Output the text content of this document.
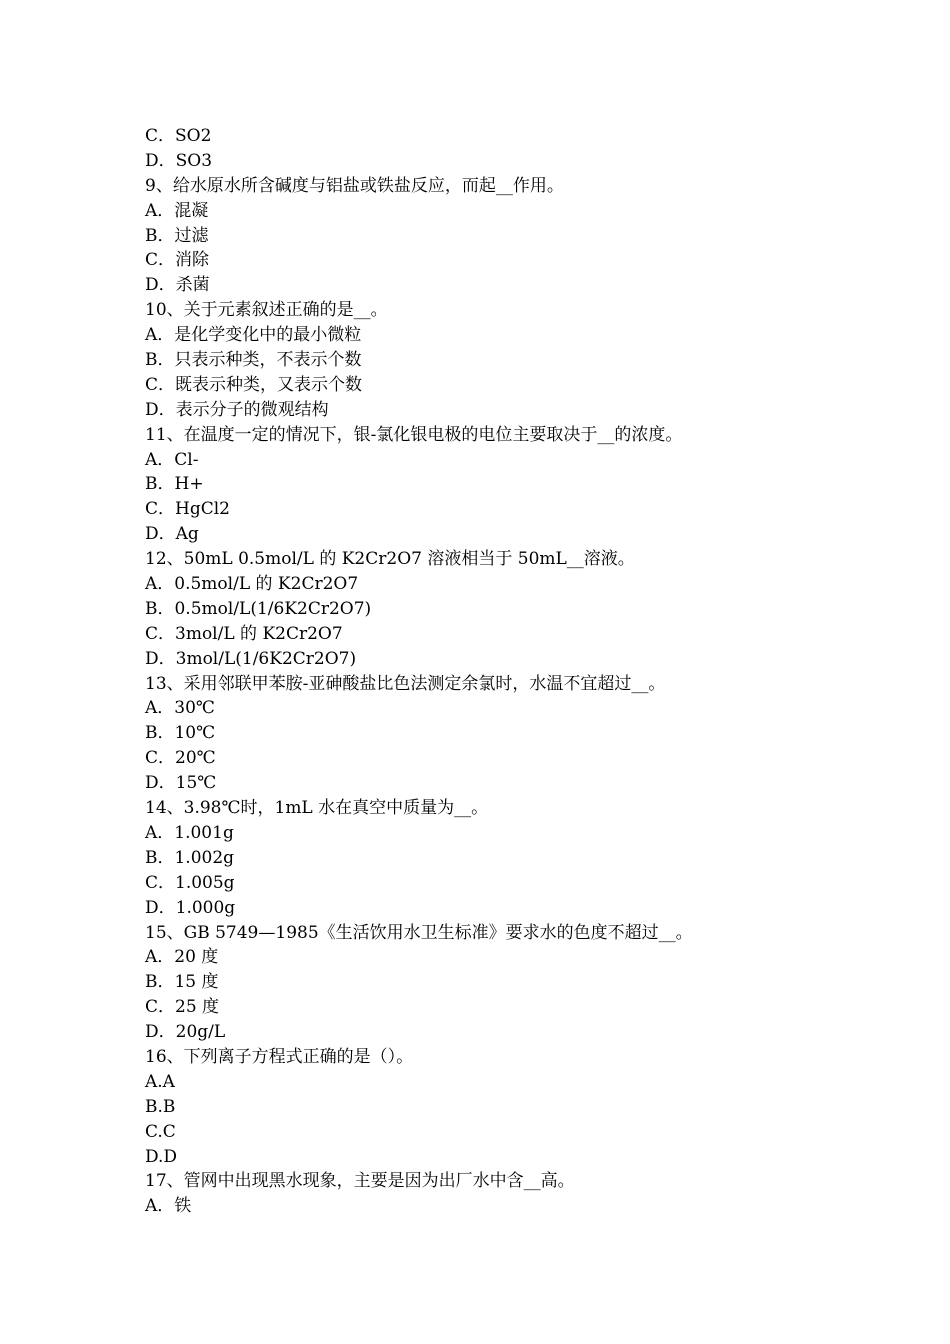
C．SO2
D．SO3
9、给水原水所含碱度与铝盐或铁盐反应，而起__作用。
A．混凝
B．过滤
C．消除
D．杀菌
10、关于元素叙述正确的是__。
A．是化学变化中的最小微粒
B．只表示种类，不表示个数
C．既表示种类，又表示个数
D．表示分子的微观结构
11、在温度一定的情况下，银-氯化银电极的电位主要取决于__的浓度。
A．Cl-
B．H+
C．HgCl2
D．Ag
12、50mL 0.5mol/L 的 K2Cr2O7 溶液相当于 50mL__溶液。
A．0.5mol/L 的 K2Cr2O7
B．0.5mol/L(1/6K2Cr2O7)
C．3mol/L 的 K2Cr2O7
D．3mol/L(1/6K2Cr2O7)
13、采用邻联甲苯胺-亚砷酸盐比色法测定余氯时，水温不宜超过__。
A．30℃
B．10℃
C．20℃
D．15℃
14、3.98℃时，1mL 水在真空中质量为__。
A．1.001g
B．1.002g
C．1.005g
D．1.000g
15、GB 5749—1985《生活饮用水卫生标准》要求水的色度不超过__。
A．20 度
B．15 度
C．25 度
D．20g/L
16、下列离子方程式正确的是（）。
A.A
B.B
C.C
D.D
17、管网中出现黑水现象，主要是因为出厂水中含__高。
A．铁
